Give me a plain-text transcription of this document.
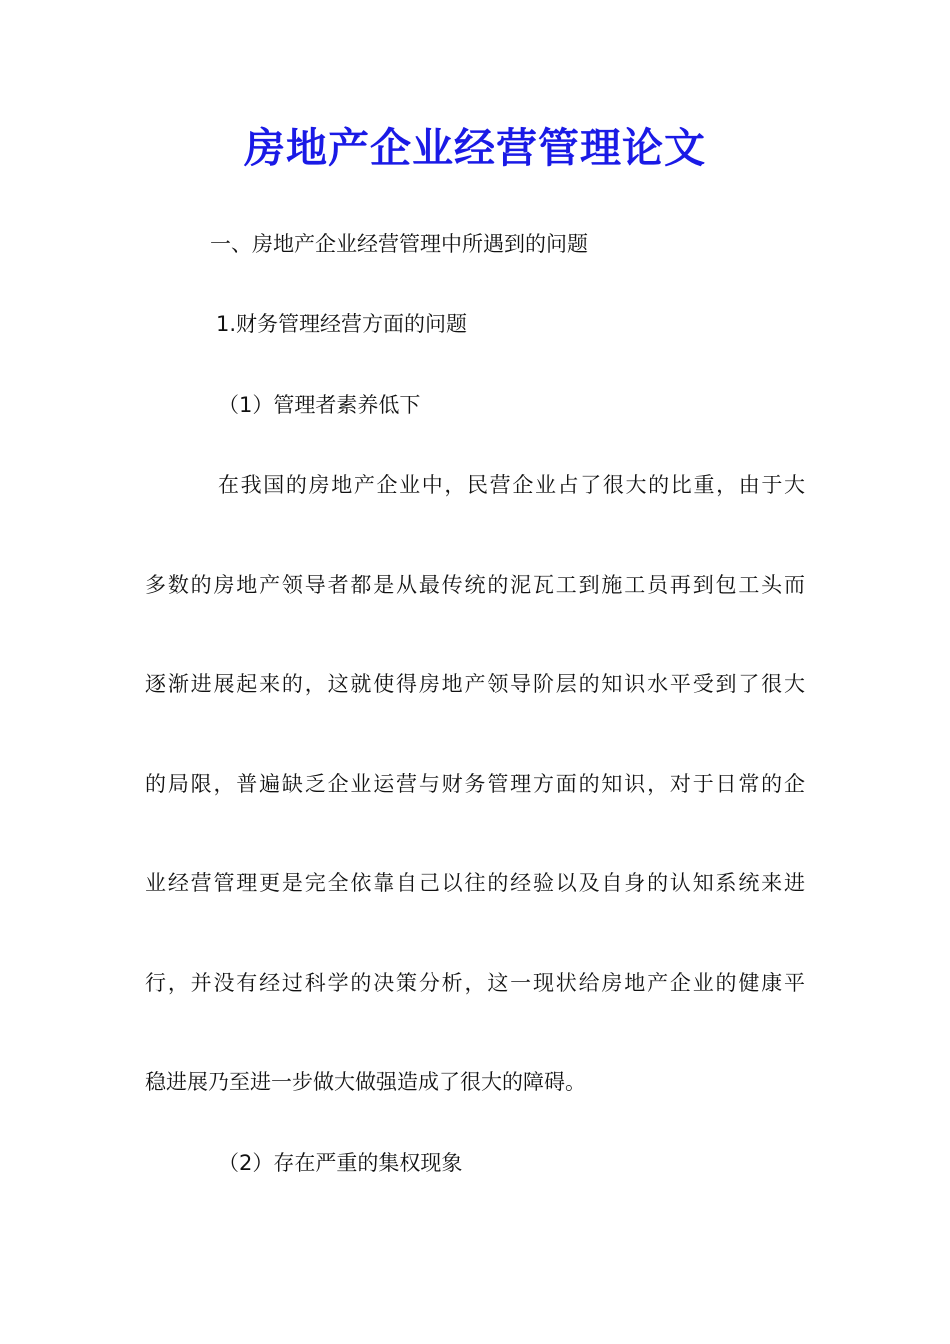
房地产企业经营管理论文
一、房地产企业经营管理中所遇到的问题
1.财务管理经营方面的问题
（1）管理者素养低下
在我国的房地产企业中，民营企业占了很大的比重，由于大
多数的房地产领导者都是从最传统的泥瓦工到施工员再到包工头而
逐渐进展起来的，这就使得房地产领导阶层的知识水平受到了很大
的局限，普遍缺乏企业运营与财务管理方面的知识，对于日常的企
业经营管理更是完全依靠自己以往的经验以及自身的认知系统来进
行，并没有经过科学的决策分析，这一现状给房地产企业的健康平
稳进展乃至进一步做大做强造成了很大的障碍。
（2）存在严重的集权现象
